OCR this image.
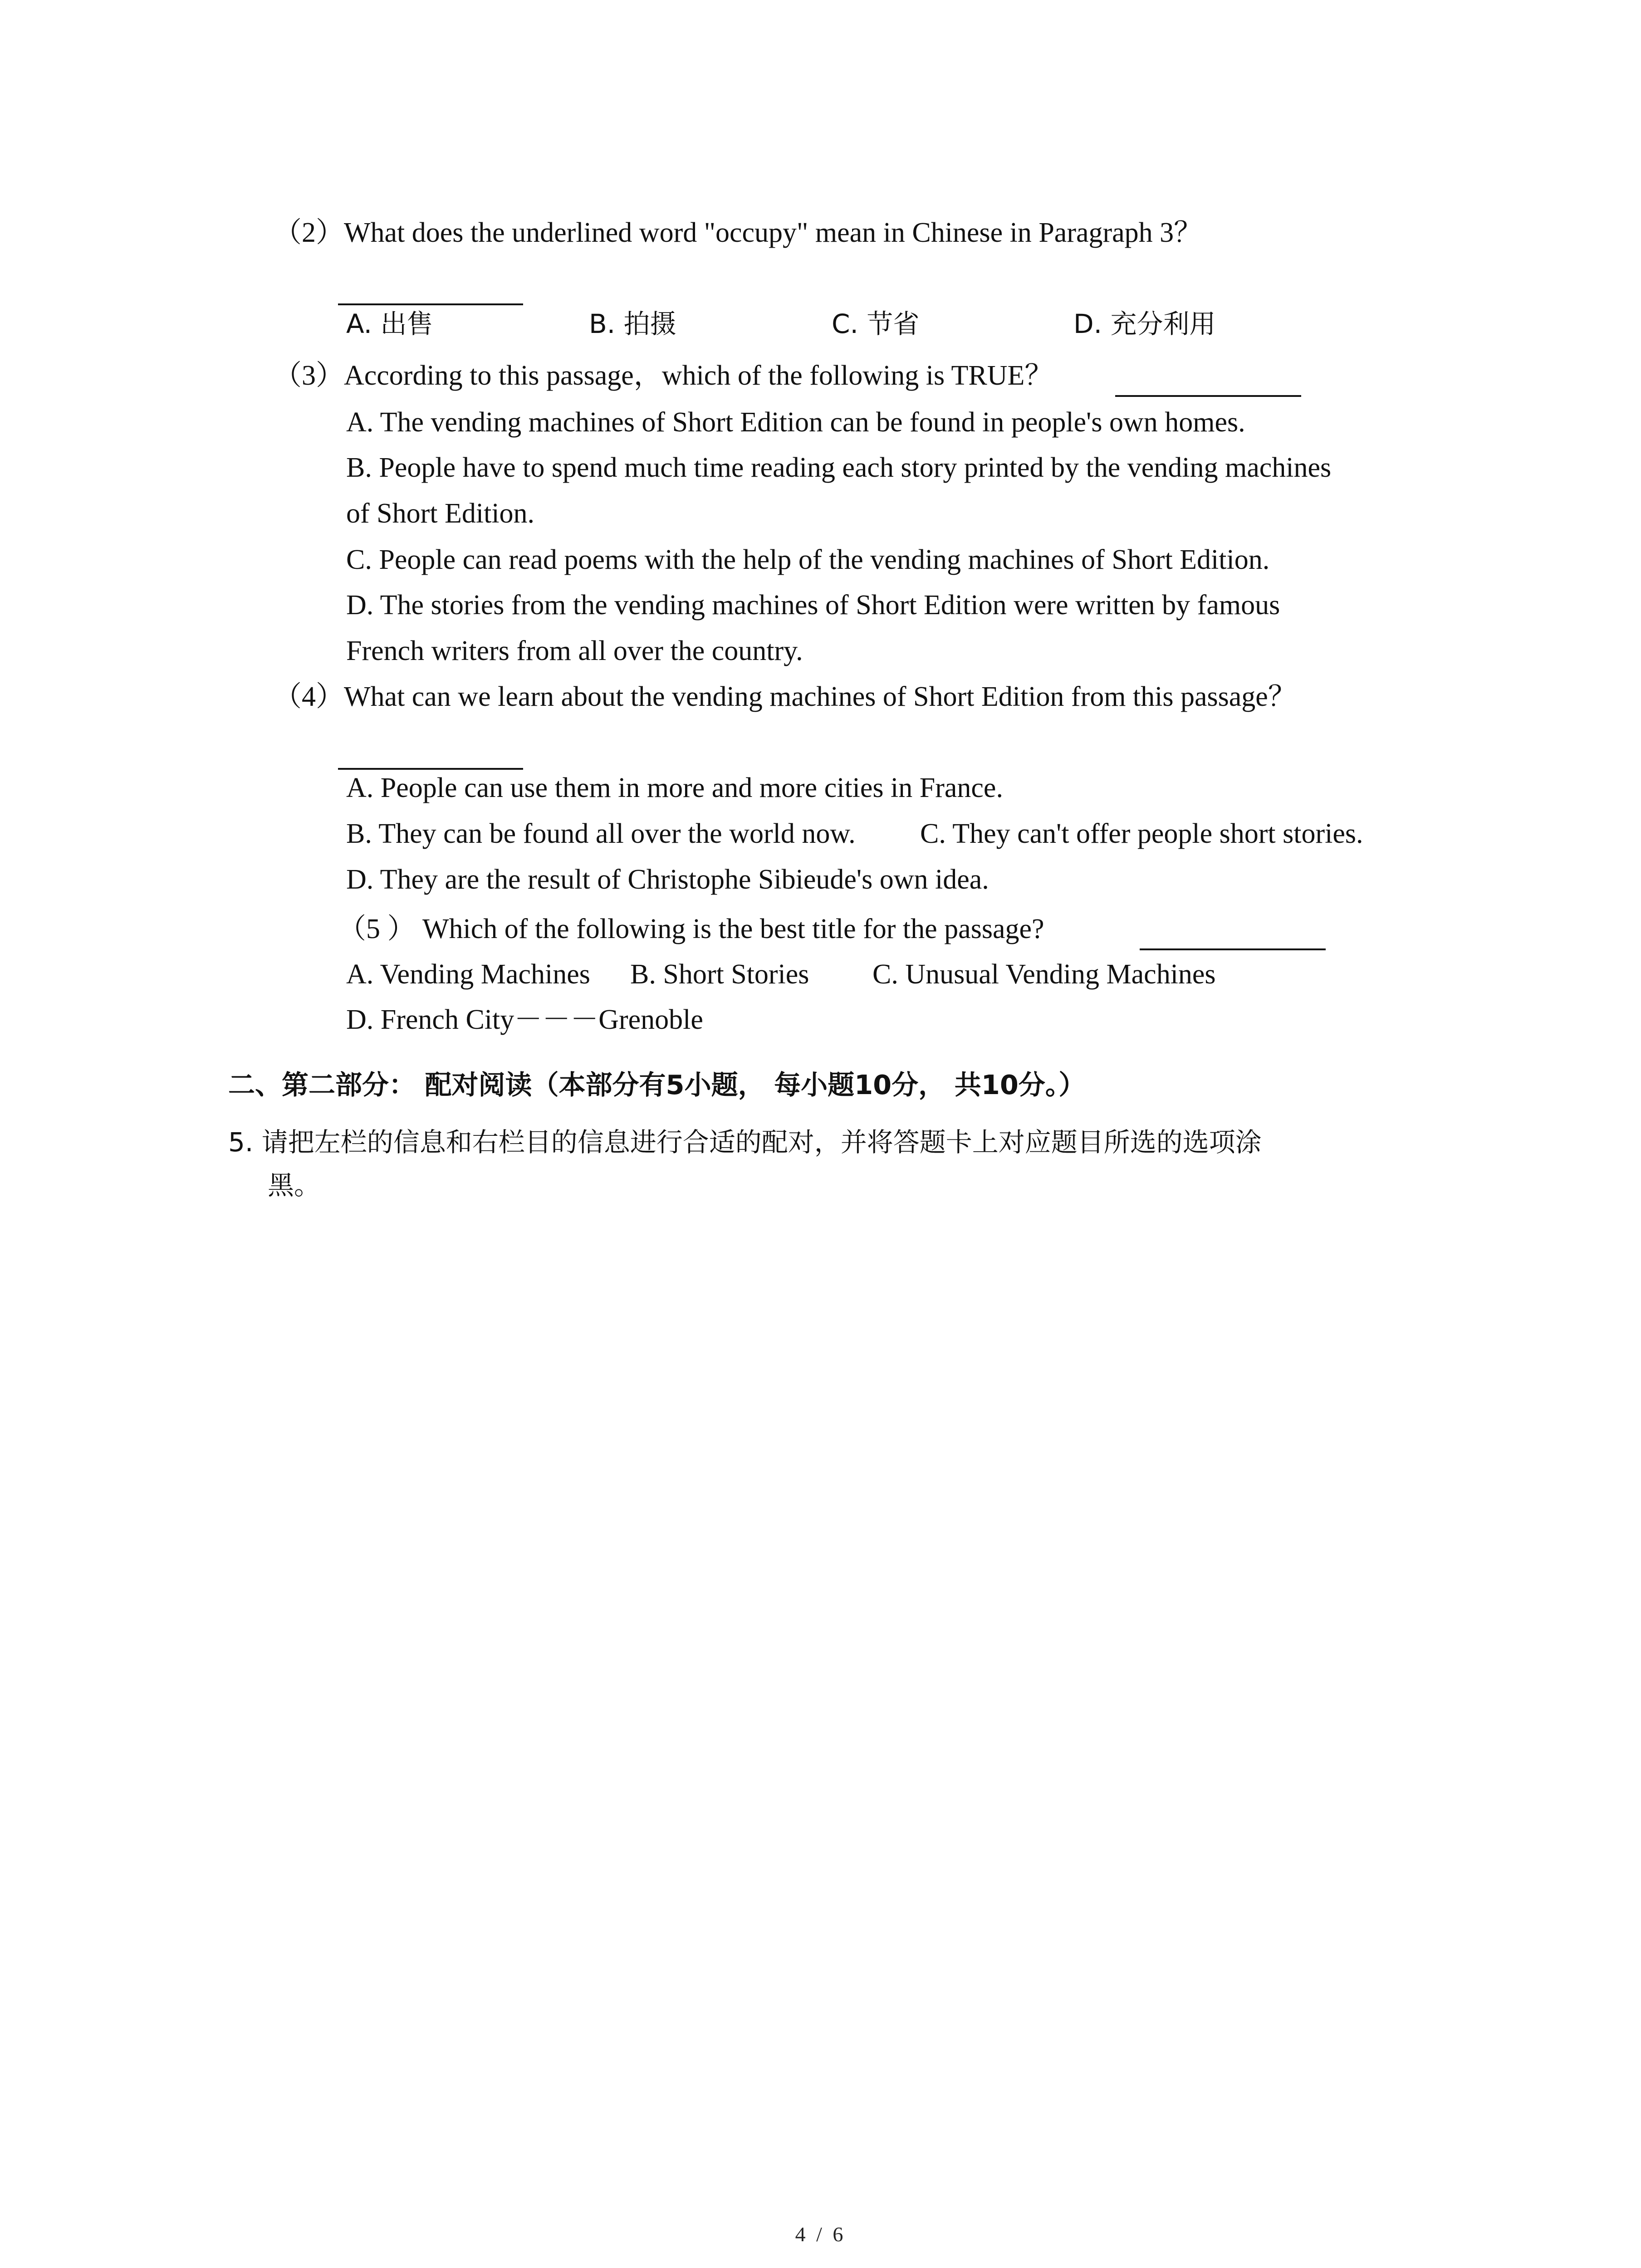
（2）What does the underlined word "occupy" mean in Chinese in Paragraph 3？
A. 出售	B. 拍摄	C. 节省	D. 充分利用
（3）According to this passage，which of the following is TRUE？
A. The vending machines of Short Edition can be found in people's own homes.
B. People have to spend much time reading each story printed by the vending machines
of Short Edition.
C. People can read poems with the help of the vending machines of Short Edition.
D. The stories from the vending machines of Short Edition were written by famous
French writers from all over the country.
（4）What can we learn about the vending machines of Short Edition from this passage？
A. People can use them in more and more cities in France.
B. They can be found all over the world now. C. They can't offer people short stories.
D. They are the result of Christophe Sibieude's own idea.
（5 ） Which of the following is the best title for the passage?
A. Vending Machines B. Short Stories C. Unusual Vending Machines
D. French City－－－Grenoble
二、第二部分： 配对阅读（本部分有5小题， 每小题10分， 共10分。）
5. 请把左栏的信息和右栏目的信息进行合适的配对，并将答题卡上对应题目所选的选项涂
黑。
4 / 6
